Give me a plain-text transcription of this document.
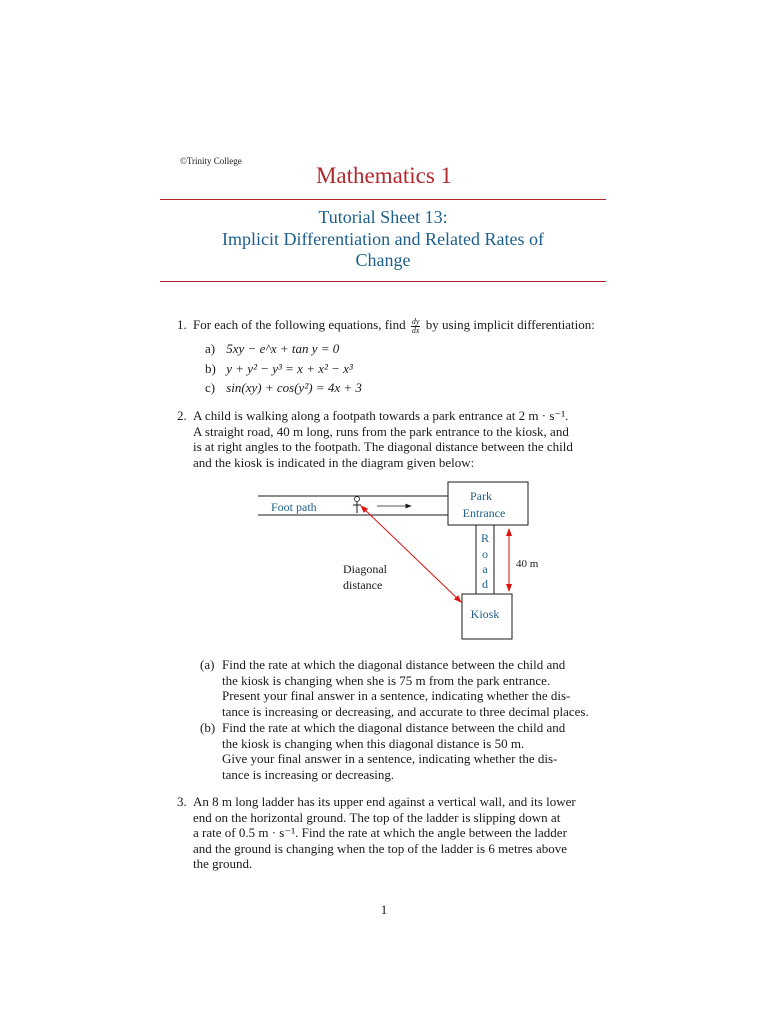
©Trinity College
Mathematics 1
Tutorial Sheet 13:
Implicit Differentiation and Related Rates of
Change
1. For each of the following equations, find $\frac{dy}{dx}$ by using implicit differentiation:
a) 5xy − e^x + tan y = 0
b) y + y² − y³ = x + x² − x³
c) sin(xy) + cos(y²) = 4x + 3
2. A child is walking along a footpath towards a park entrance at 2 m · s⁻¹.
A straight road, 40 m long, runs from the park entrance to the kiosk, and
is at right angles to the footpath. The diagonal distance between the child
and the kiosk is indicated in the diagram given below:
Foot path
Park
Entrance
R
o
a
d
40 m
Kiosk
Diagonal
distance
(a) Find the rate at which the diagonal distance between the child and
the kiosk is changing when she is 75 m from the park entrance.
Present your final answer in a sentence, indicating whether the dis-
tance is increasing or decreasing, and accurate to three decimal places.
(b) Find the rate at which the diagonal distance between the child and
the kiosk is changing when this diagonal distance is 50 m.
Give your final answer in a sentence, indicating whether the dis-
tance is increasing or decreasing.
3. An 8 m long ladder has its upper end against a vertical wall, and its lower
end on the horizontal ground. The top of the ladder is slipping down at
a rate of 0.5 m · s⁻¹. Find the rate at which the angle between the ladder
and the ground is changing when the top of the ladder is 6 metres above
the ground.
1
